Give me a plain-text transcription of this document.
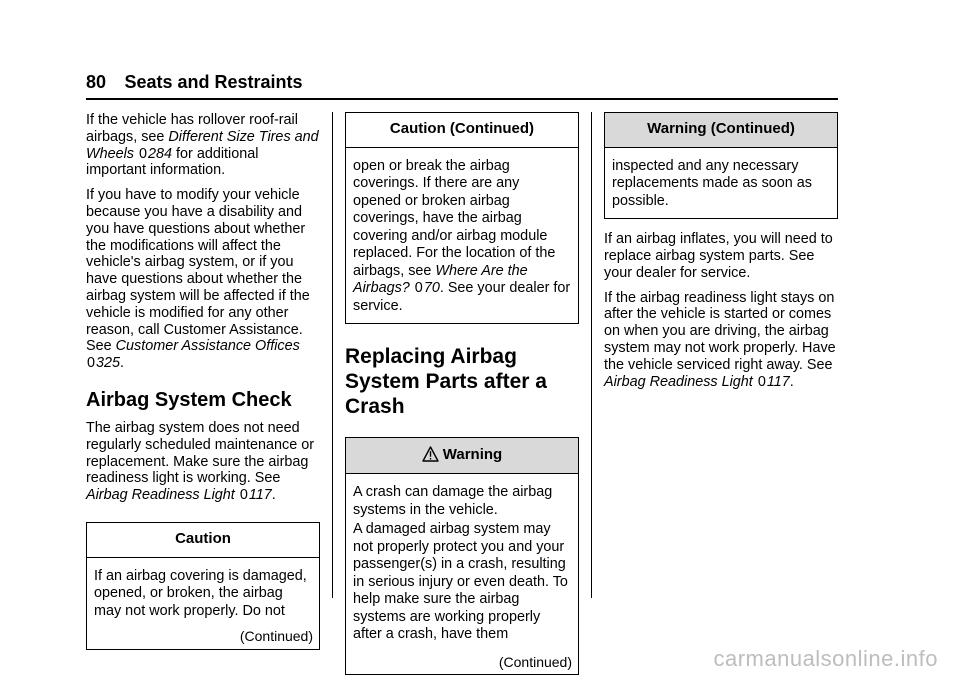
80 Seats and Restraints

If the vehicle has rollover roof-rail airbags, see Different Size Tires and Wheels 0284 for additional important information.

If you have to modify your vehicle because you have a disability and you have questions about whether the modifications will affect the vehicle's airbag system, or if you have questions about whether the airbag system will be affected if the vehicle is modified for any other reason, call Customer Assistance. See Customer Assistance Offices
0325.

Airbag System Check

The airbag system does not need regularly scheduled maintenance or replacement. Make sure the airbag readiness light is working. See Airbag Readiness Light 0117.

Caution
If an airbag covering is damaged, opened, or broken, the airbag may not work properly. Do not
(Continued)
Caution (Continued)
open or break the airbag coverings. If there are any opened or broken airbag coverings, have the airbag covering and/or airbag module replaced. For the location of the airbags, see Where Are the Airbags? 070. See your dealer for service.
Replacing Airbag System Parts after a Crash
Warning

A crash can damage the airbag systems in the vehicle.

A damaged airbag system may not properly protect you and your passenger(s) in a crash, resulting in serious injury or even death. To help make sure the airbag systems are working properly after a crash, have them

(Continued)
Warning (Continued)
inspected and any necessary replacements made as soon as possible.

If an airbag inflates, you will need to replace airbag system parts. See your dealer for service.

If the airbag readiness light stays on after the vehicle is started or comes on when you are driving, the airbag system may not work properly. Have the vehicle serviced right away. See Airbag Readiness Light 0117.

carmanualsonline.info
